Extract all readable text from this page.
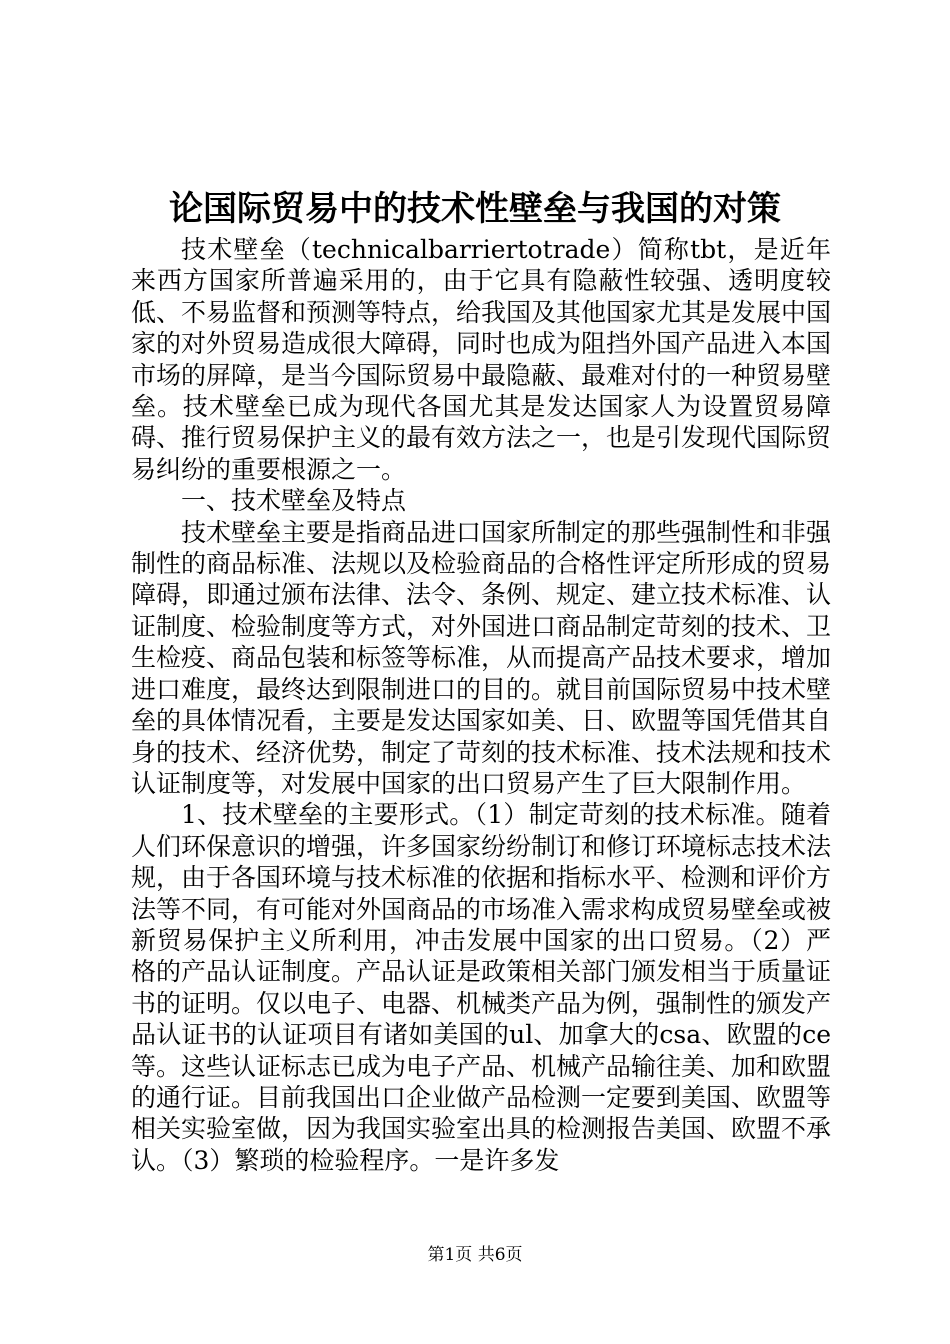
论国际贸易中的技术性壁垒与我国的对策

技术壁垒（technicalbarriertotrade）简称tbt，是近年来西方国家所普遍采用的，由于它具有隐蔽性较强、透明度较低、不易监督和预测等特点，给我国及其他国家尤其是发展中国家的对外贸易造成很大障碍，同时也成为阻挡外国产品进入本国市场的屏障，是当今国际贸易中最隐蔽、最难对付的一种贸易壁垒。技术壁垒已成为现代各国尤其是发达国家人为设置贸易障碍、推行贸易保护主义的最有效方法之一，也是引发现代国际贸易纠纷的重要根源之一。

一、技术壁垒及特点

技术壁垒主要是指商品进口国家所制定的那些强制性和非强制性的商品标准、法规以及检验商品的合格性评定所形成的贸易障碍，即通过颁布法律、法令、条例、规定、建立技术标准、认证制度、检验制度等方式，对外国进口商品制定苛刻的技术、卫生检疫、商品包装和标签等标准，从而提高产品技术要求，增加进口难度，最终达到限制进口的目的。就目前国际贸易中技术壁垒的具体情况看，主要是发达国家如美、日、欧盟等国凭借其自身的技术、经济优势，制定了苛刻的技术标准、技术法规和技术认证制度等，对发展中国家的出口贸易产生了巨大限制作用。

1、技术壁垒的主要形式。（1）制定苛刻的技术标准。随着人们环保意识的增强，许多国家纷纷制订和修订环境标志技术法规，由于各国环境与技术标准的依据和指标水平、检测和评价方法等不同，有可能对外国商品的市场准入需求构成贸易壁垒或被新贸易保护主义所利用，冲击发展中国家的出口贸易。（2）严格的产品认证制度。产品认证是政策相关部门颁发相当于质量证书的证明。仅以电子、电器、机械类产品为例，强制性的颁发产品认证书的认证项目有诸如美国的ul、加拿大的csa、欧盟的ce等。这些认证标志已成为电子产品、机械产品输往美、加和欧盟的通行证。目前我国出口企业做产品检测一定要到美国、欧盟等相关实验室做，因为我国实验室出具的检测报告美国、欧盟不承认。（3）繁琐的检验程序。一是许多发

第1页 共6页
